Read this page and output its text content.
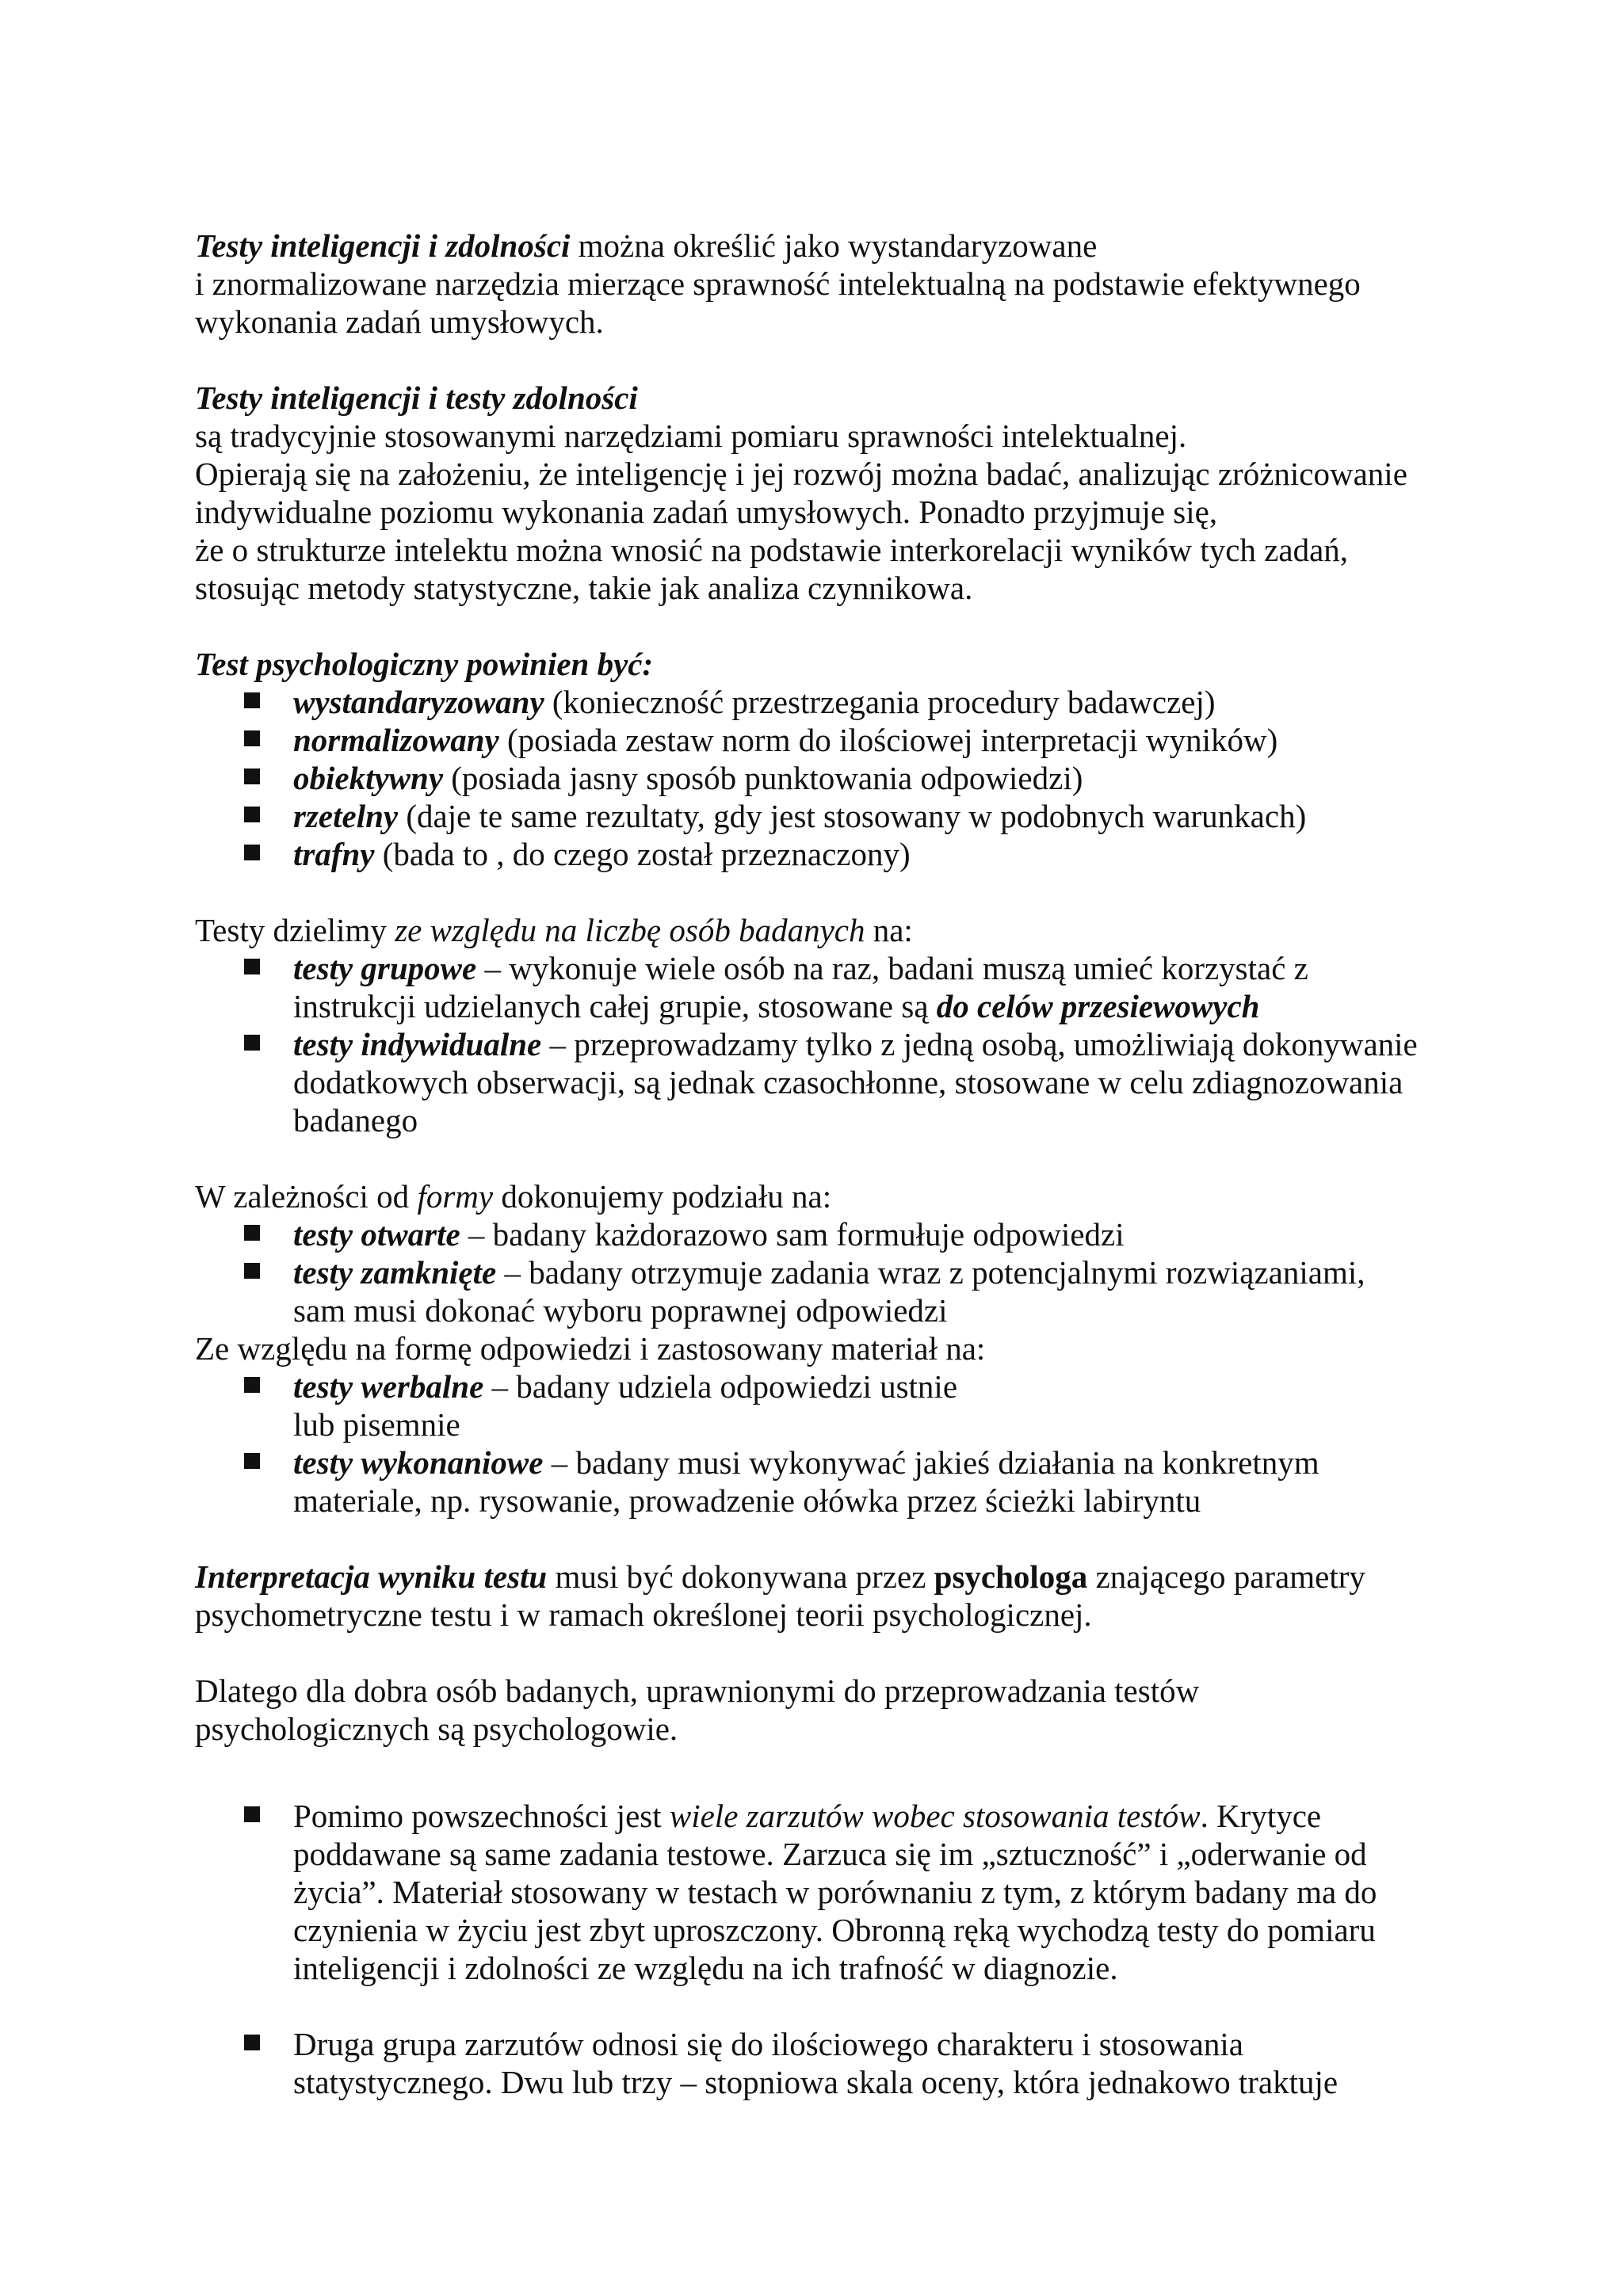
Testy inteligencji i zdolności można określić jako wystandaryzowane
i znormalizowane narzędzia mierzące sprawność intelektualną na podstawie efektywnego
wykonania zadań umysłowych.

Testy inteligencji i testy zdolności
są tradycyjnie stosowanymi narzędziami pomiaru sprawności intelektualnej.
Opierają się na założeniu, że inteligencję i jej rozwój można badać, analizując zróżnicowanie
indywidualne poziomu wykonania zadań umysłowych. Ponadto przyjmuje się,
że o strukturze intelektu można wnosić na podstawie interkorelacji wyników tych zadań,
stosując metody statystyczne, takie jak analiza czynnikowa.

Test psychologiczny powinien być:

wystandaryzowany (konieczność przestrzegania procedury badawczej)
normalizowany (posiada zestaw norm do ilościowej interpretacji wyników)
obiektywny (posiada jasny sposób punktowania odpowiedzi)
rzetelny (daje te same rezultaty, gdy jest stosowany w podobnych warunkach)
trafny (bada to , do czego został przeznaczony)

Testy dzielimy ze względu na liczbę osób badanych na:

testy grupowe – wykonuje wiele osób na raz, badani muszą umieć korzystać z
instrukcji udzielanych całej grupie, stosowane są do celów przesiewowych
testy indywidualne – przeprowadzamy tylko z jedną osobą, umożliwiają dokonywanie
dodatkowych obserwacji, są jednak czasochłonne, stosowane w celu zdiagnozowania
badanego

W zależności od formy dokonujemy podziału na:

testy otwarte – badany każdorazowo sam formułuje odpowiedzi
testy zamknięte – badany otrzymuje zadania wraz z potencjalnymi rozwiązaniami,
sam musi dokonać wyboru poprawnej odpowiedzi

Ze względu na formę odpowiedzi i zastosowany materiał na:

testy werbalne – badany udziela odpowiedzi ustnie
lub pisemnie
testy wykonaniowe – badany musi wykonywać jakieś działania na konkretnym
materiale, np. rysowanie, prowadzenie ołówka przez ścieżki labiryntu

Interpretacja wyniku testu musi być dokonywana przez psychologa znającego parametry
psychometryczne testu i w ramach określonej teorii psychologicznej.

Dlatego dla dobra osób badanych, uprawnionymi do przeprowadzania testów
psychologicznych są psychologowie.

Pomimo powszechności jest wiele zarzutów wobec stosowania testów. Krytyce
poddawane są same zadania testowe. Zarzuca się im „sztuczność” i „oderwanie od
życia”. Materiał stosowany w testach w porównaniu z tym, z którym badany ma do
czynienia w życiu jest zbyt uproszczony. Obronną ręką wychodzą testy do pomiaru
inteligencji i zdolności ze względu na ich trafność w diagnozie.
Druga grupa zarzutów odnosi się do ilościowego charakteru i stosowania
statystycznego. Dwu lub trzy – stopniowa skala oceny, która jednakowo traktuje
